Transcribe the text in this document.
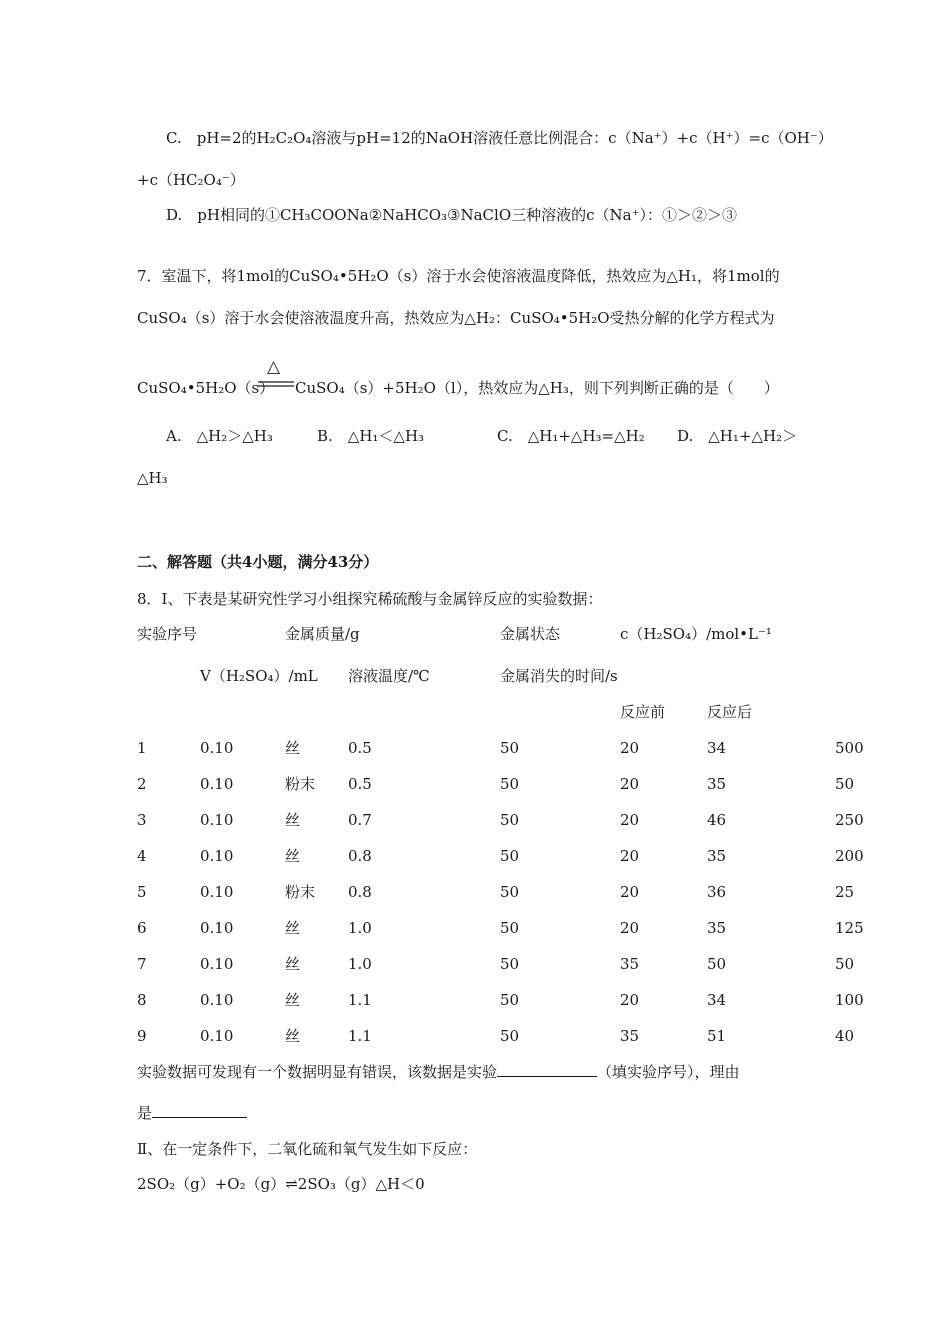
C.　pH=2的H₂C₂O₄溶液与pH=12的NaOH溶液任意比例混合：c（Na⁺）+c（H⁺）=c（OH⁻）
+c（HC₂O₄⁻）
D.　pH相同的①CH₃COONa②NaHCO₃③NaClO三种溶液的c（Na⁺）：①＞②＞③
7．室温下，将1mol的CuSO₄•5H₂O（s）溶于水会使溶液温度降低，热效应为△H₁，将1mol的
CuSO₄（s）溶于水会使溶液温度升高，热效应为△H₂：CuSO₄•5H₂O受热分解的化学方程式为
CuSO₄•5H₂O（s）
△
CuSO₄（s）+5H₂O（l），热效应为△H₃，则下列判断正确的是（　　）
A.　△H₂＞△H₃	B.　△H₁＜△H₃	C.　△H₁+△H₃=△H₂ D.　△H₁+△H₂＞
△H₃
二、解答题（共4小题，满分43分）
8．Ⅰ、下表是某研究性学习小组探究稀硫酸与金属锌反应的实验数据：
实验序号	金属质量/g	金属状态	c（H₂SO₄）/mol•L⁻¹
V（H₂SO₄）/mL 溶液温度/℃	金属消失的时间/s
反应前	反应后
1	0.10	丝	0.5	50	20	34	500
2	0.10	粉末 0.5	50	20	35	50
3	0.10	丝	0.7	50	20	46	250
4	0.10	丝	0.8	50	20	35	200
5	0.10	粉末 0.8	50	20	36	25
6	0.10	丝	1.0	50	20	35	125
7	0.10	丝	1.0	50	35	50	50
8	0.10	丝	1.1	50	20	34	100
9	0.10	丝	1.1	50	35	51	40
实验数据可发现有一个数据明显有错误，该数据是实验	（填实验序号），理由
是
Ⅱ、在一定条件下，二氧化硫和氧气发生如下反应：
2SO₂（g）+O₂（g）⇌2SO₃（g）△H＜0
